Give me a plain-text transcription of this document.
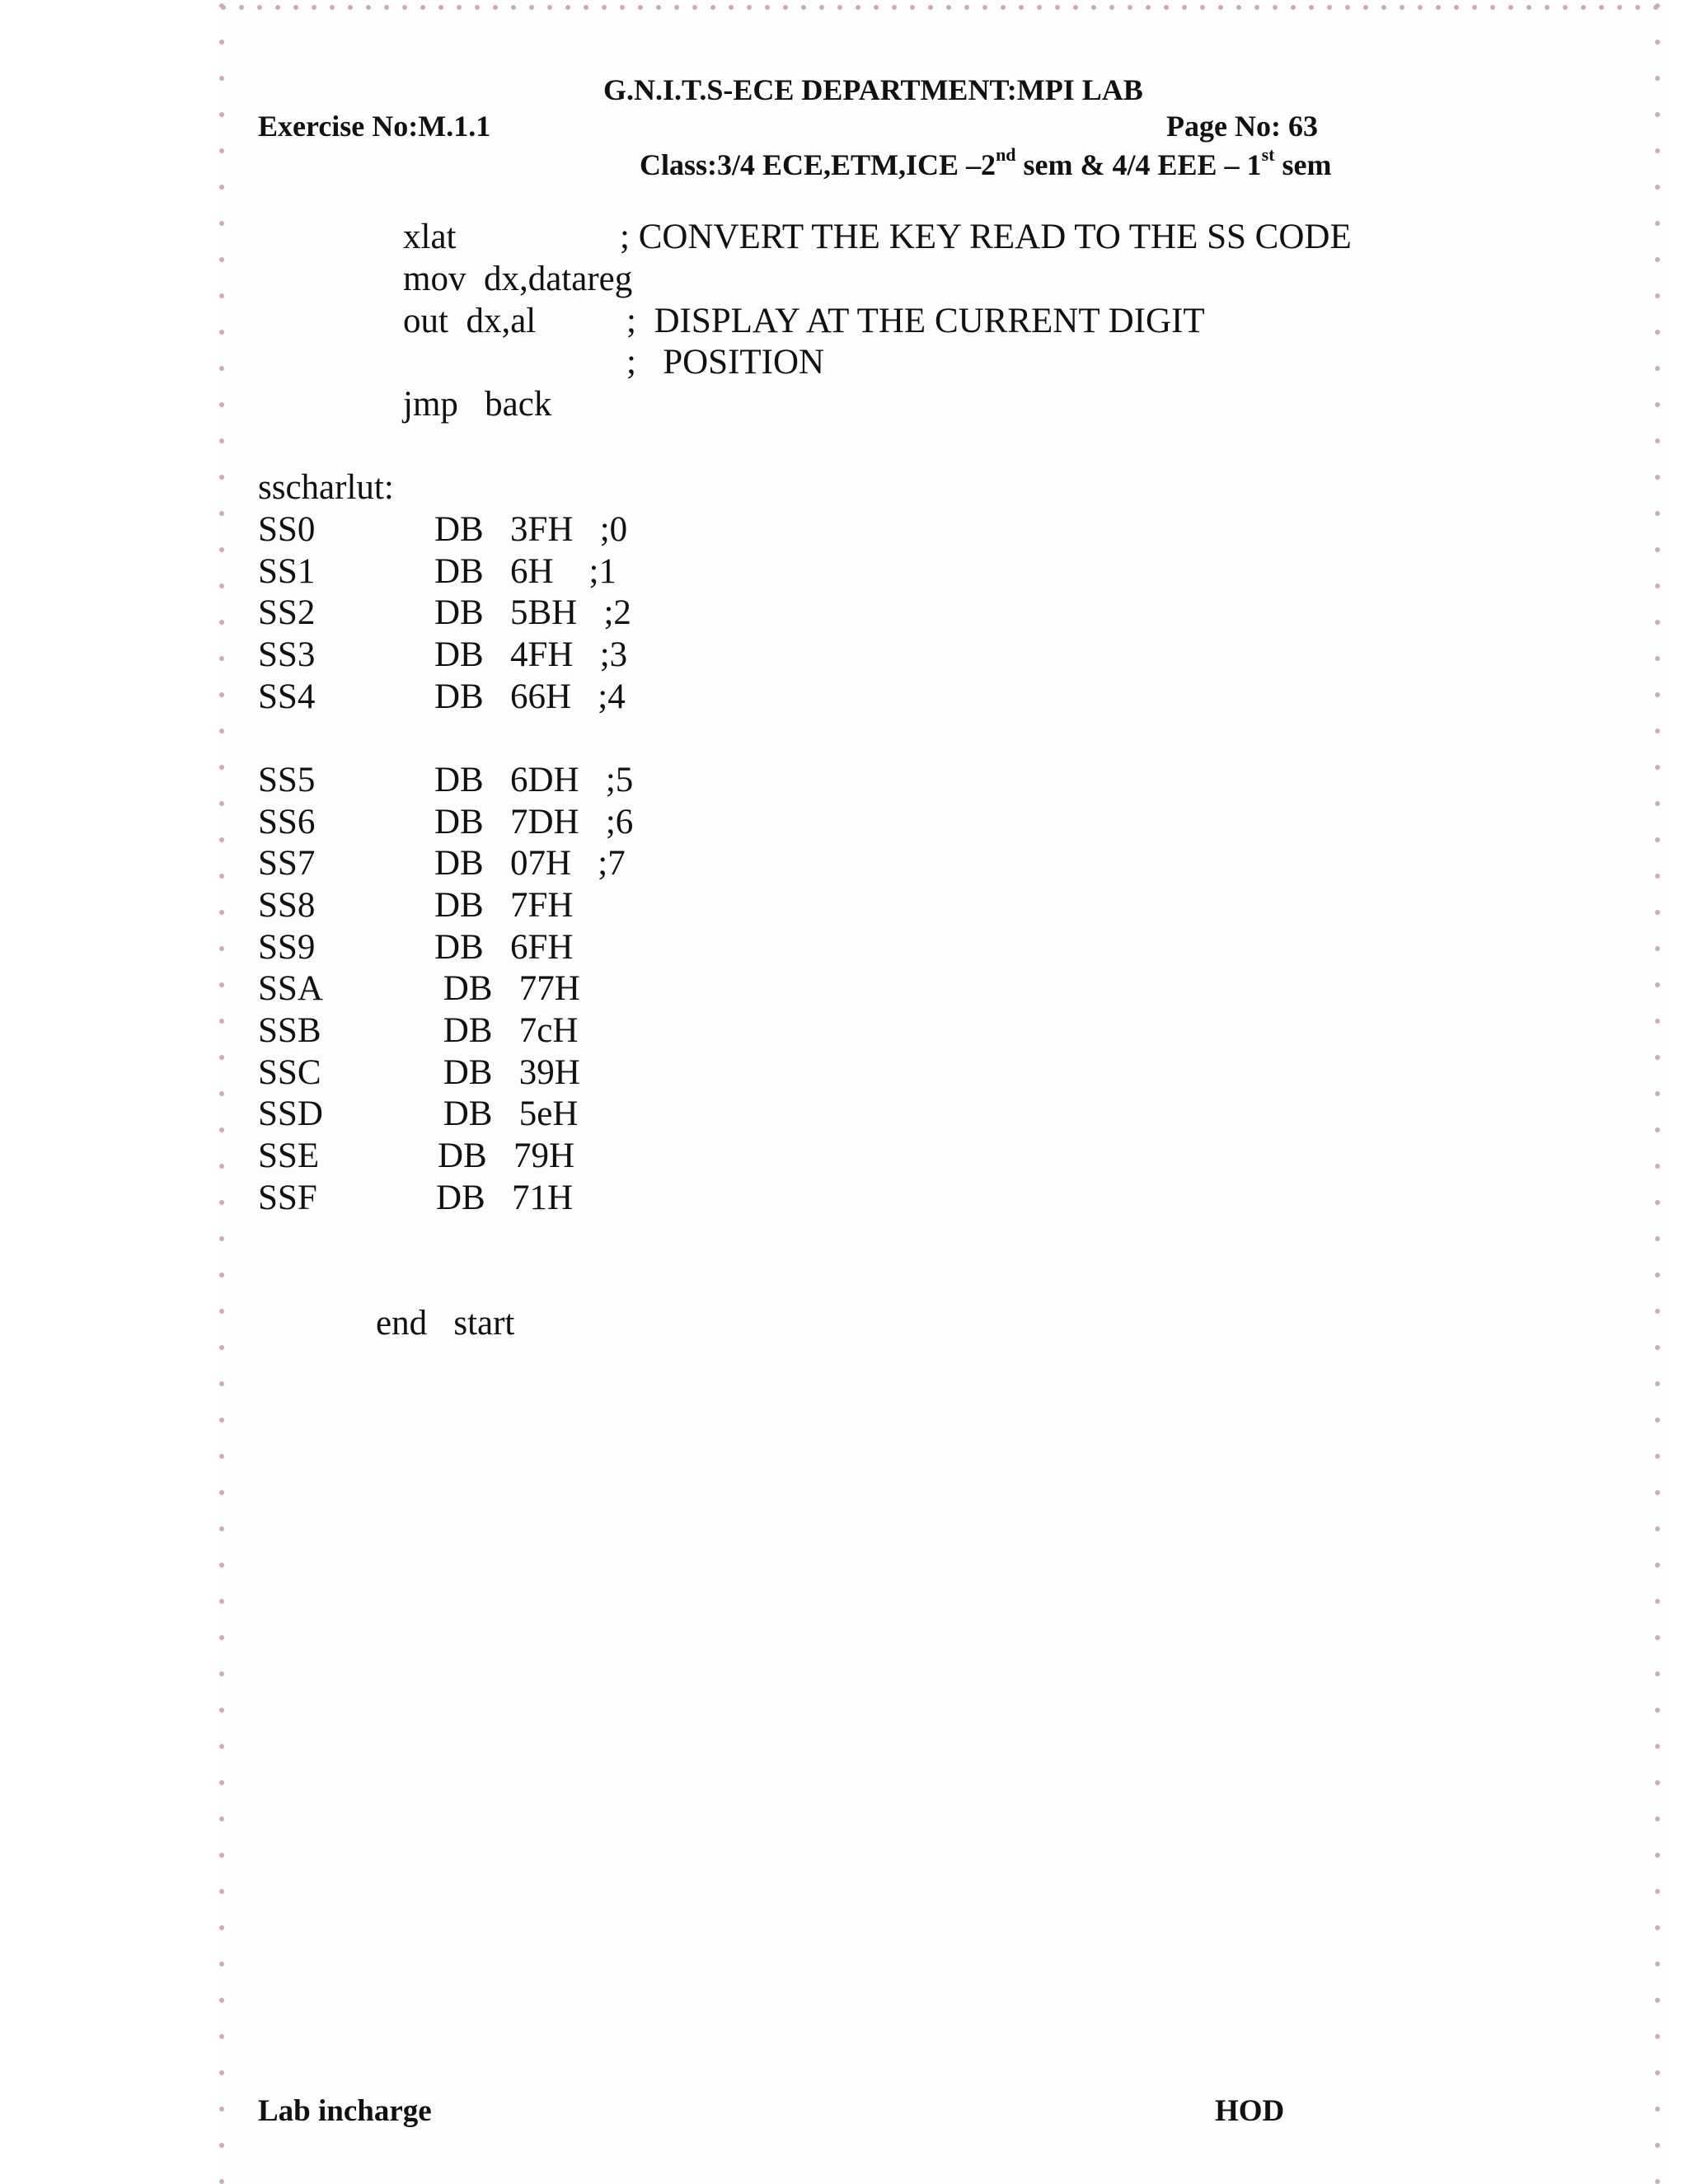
G.N.I.T.S-ECE DEPARTMENT:MPI LAB
Exercise No:M.1.1	Page No: 63
Class:3/4 ECE,ETM,ICE –2nd sem & 4/4 EEE – 1st sem
xlat	; CONVERT THE KEY READ TO THE SS CODE
mov  dx,datareg
out  dx,al	;  DISPLAY AT THE CURRENT DIGIT
;   POSITION
jmp   back
sscharlut:
SS0	DB   3FH   ;0
SS1	DB   6H    ;1
SS2	DB   5BH   ;2
SS3	DB   4FH   ;3
SS4	DB   66H   ;4
SS5	DB   6DH   ;5
SS6	DB   7DH   ;6
SS7	DB   07H   ;7
SS8	DB   7FH
SS9	DB   6FH
SSA	DB   77H
SSB	DB   7cH
SSC	DB   39H
SSD	DB   5eH
SSE	DB   79H
SSF	DB   71H
end   start
Lab incharge	HOD
